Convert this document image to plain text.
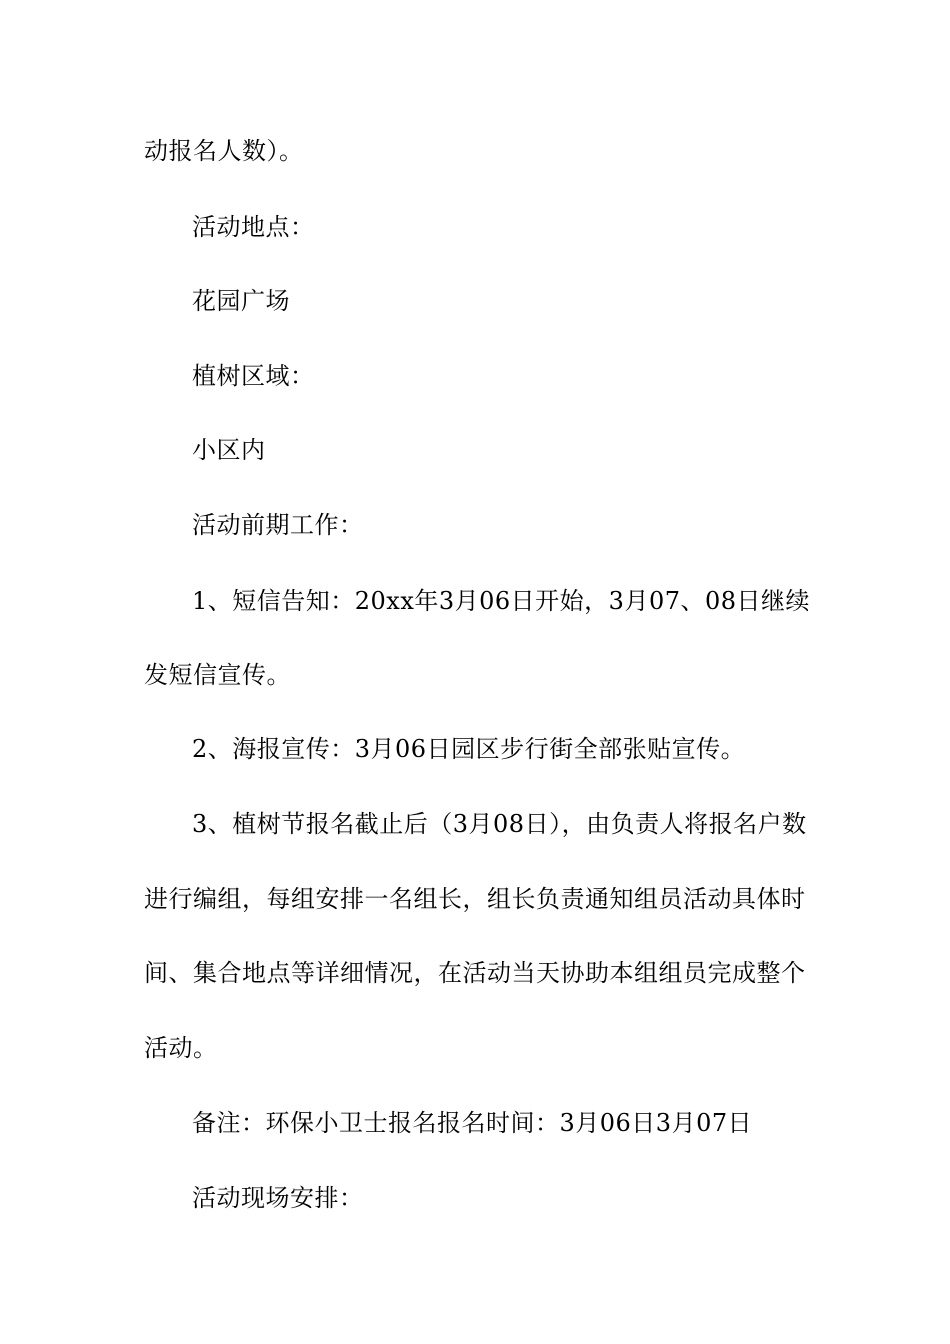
动报名人数）。
活动地点：
花园广场
植树区域：
小区内
活动前期工作：
1、短信告知：20xx年3月06日开始，3月07、08日继续
发短信宣传。
2、海报宣传：3月06日园区步行街全部张贴宣传。
3、植树节报名截止后（3月08日），由负责人将报名户数
进行编组，每组安排一名组长，组长负责通知组员活动具体时
间、集合地点等详细情况，在活动当天协助本组组员完成整个
活动。
备注：环保小卫士报名报名时间：3月06日3月07日
活动现场安排：
